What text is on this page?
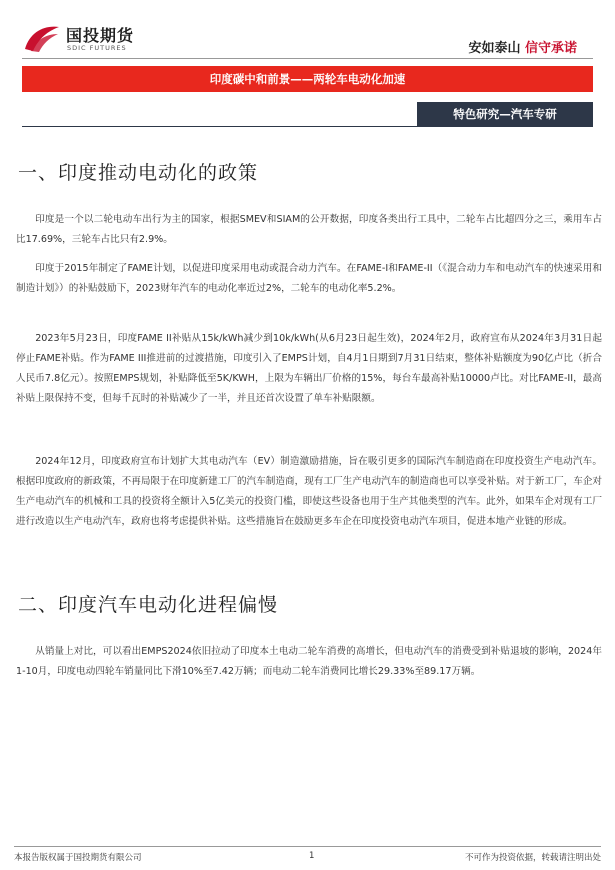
国投期货
SDIC FUTURES	安如泰山 信守承诺
印度碳中和前景——两轮车电动化加速
特色研究—汽车专研
一、印度推动电动化的政策

印度是一个以二轮电动车出行为主的国家，根据SMEV和SIAM的公开数据，印度各类出行工具中，二轮车占比超四分之三，乘用车占比17.69%，三轮车占比只有2.9%。

印度于2015年制定了FAME计划，以促进印度采用电动或混合动力汽车。在FAME-I和FAME-II（《混合动力车和电动汽车的快速采用和制造计划》）的补贴鼓励下，2023财年汽车的电动化率近过2%，二轮车的电动化率5.2%。

2023年5月23日，印度FAME II补贴从15k/kWh减少到10k/kWh(从6月23日起生效)，2024年2月，政府宣布从2024年3月31日起停止FAME补贴。作为FAME III推进前的过渡措施，印度引入了EMPS计划，自4月1日期到7月31日结束，整体补贴额度为90亿卢比（折合人民币7.8亿元）。按照EMPS规划，补贴降低至5K/KWH，上限为车辆出厂价格的15%，每台车最高补贴10000卢比。对比FAME-II，最高补贴上限保持不变，但每千瓦时的补贴减少了一半，并且还首次设置了单车补贴限额。

2024年12月，印度政府宣布计划扩大其电动汽车（EV）制造激励措施，旨在吸引更多的国际汽车制造商在印度投资生产电动汽车。根据印度政府的新政策，不再局限于在印度新建工厂的汽车制造商，现有工厂生产电动汽车的制造商也可以享受补贴。对于新工厂，车企对生产电动汽车的机械和工具的投资将全额计入5亿美元的投资门槛，即使这些设备也用于生产其他类型的汽车。此外，如果车企对现有工厂进行改造以生产电动汽车，政府也将考虑提供补贴。这些措施旨在鼓励更多车企在印度投资电动汽车项目，促进本地产业链的形成。

二、印度汽车电动化进程偏慢

从销量上对比，可以看出EMPS2024依旧拉动了印度本土电动二轮车消费的高增长，但电动汽车的消费受到补贴退坡的影响，2024年1-10月，印度电动四轮车销量同比下滑10%至7.42万辆；而电动二轮车消费同比增长29.33%至89.17万辆。

本报告版权属于国投期货有限公司	1	不可作为投资依据，转载请注明出处
